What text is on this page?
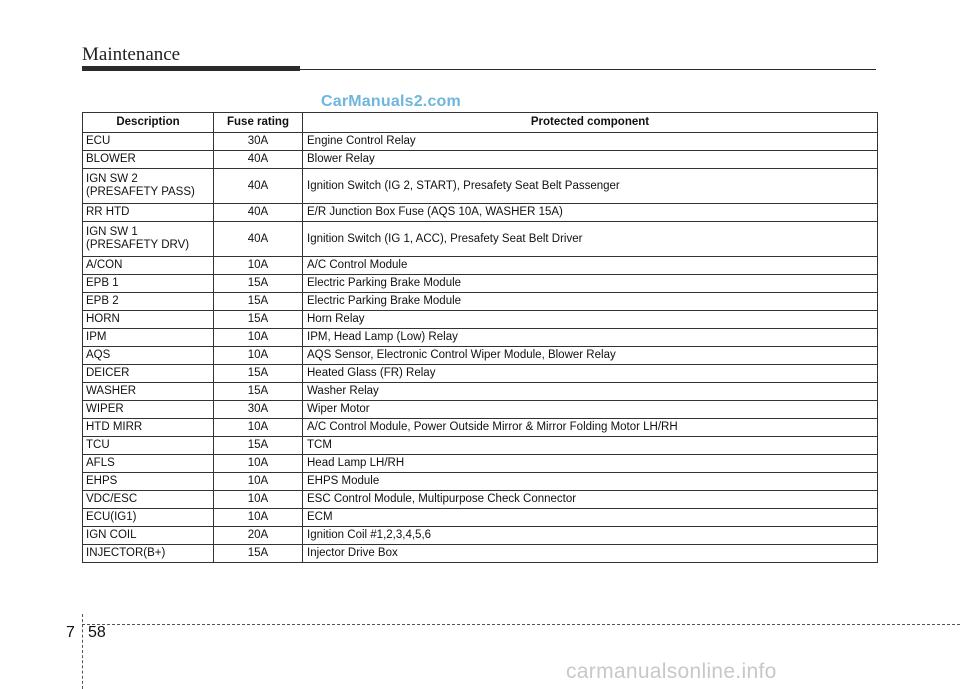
Maintenance
CarManuals2.com
Description	Fuse rating	Protected component

ECU	30A	Engine Control Relay

BLOWER	40A	Blower Relay

IGN SW 2
(PRESAFETY PASS)	40A	Ignition Switch (IG 2, START), Presafety Seat Belt Passenger

RR HTD	40A	E/R Junction Box Fuse (AQS 10A, WASHER 15A)

IGN SW 1
(PRESAFETY DRV)	40A	Ignition Switch (IG 1, ACC), Presafety Seat Belt Driver

A/CON	10A	A/C Control Module

EPB 1	15A	Electric Parking Brake Module

EPB 2	15A	Electric Parking Brake Module

HORN	15A	Horn Relay

IPM	10A	IPM, Head Lamp (Low) Relay

AQS	10A	AQS Sensor, Electronic Control Wiper Module, Blower Relay

DEICER	15A	Heated Glass (FR) Relay

WASHER	15A	Washer Relay

WIPER	30A	Wiper Motor

HTD MIRR	10A	A/C Control Module, Power Outside Mirror & Mirror Folding Motor LH/RH

TCU	15A	TCM

AFLS	10A	Head Lamp LH/RH

EHPS	10A	EHPS Module

VDC/ESC	10A	ESC Control Module, Multipurpose Check Connector

ECU(IG1)	10A	ECM

IGN COIL	20A	Ignition Coil #1,2,3,4,5,6

INJECTOR(B+)	15A	Injector Drive Box
7 58
carmanualsonline.info
